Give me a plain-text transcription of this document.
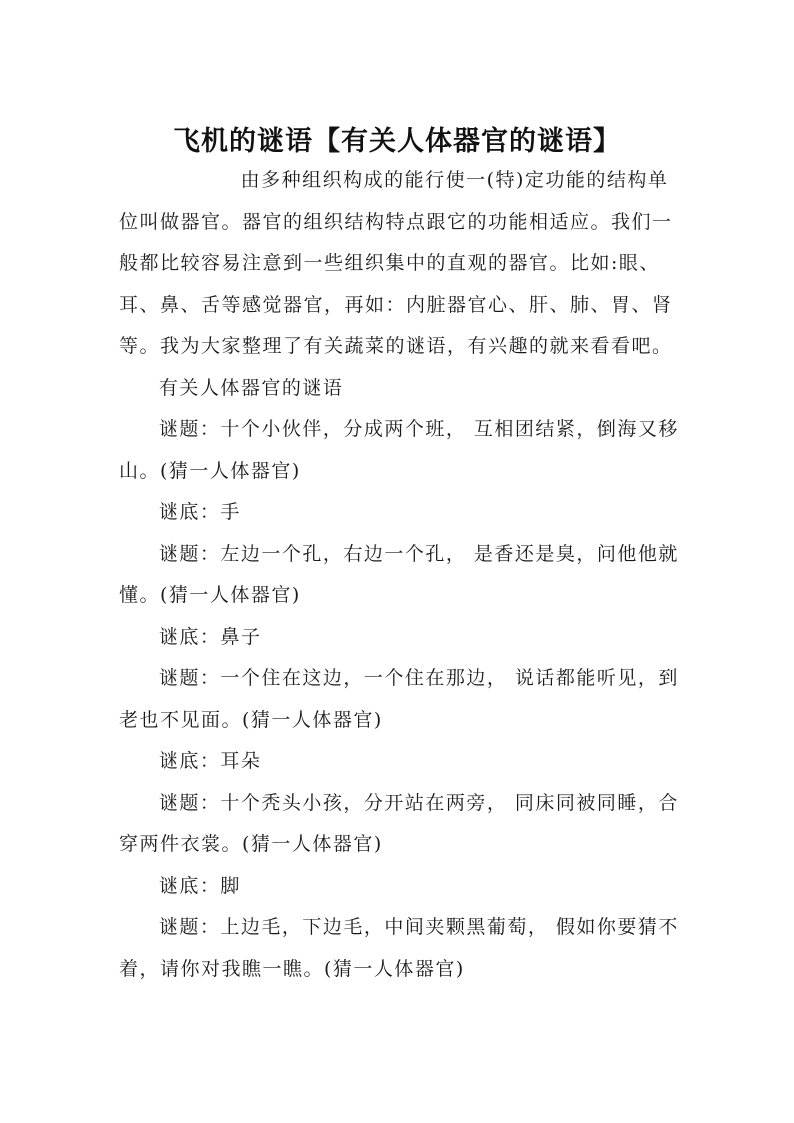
飞机的谜语【有关人体器官的谜语】

由多种组织构成的能行使一(特)定功能的结构单位叫做器官。器官的组织结构特点跟它的功能相适应。我们一般都比较容易注意到一些组织集中的直观的器官。比如:眼、耳、鼻、舌等感觉器官，再如：内脏器官心、肝、肺、胃、肾等。我为大家整理了有关蔬菜的谜语，有兴趣的就来看看吧。

有关人体器官的谜语

谜题：十个小伙伴，分成两个班， 互相团结紧，倒海又移山。(猜一人体器官)

谜底：手

谜题：左边一个孔，右边一个孔， 是香还是臭，问他他就懂。(猜一人体器官)

谜底：鼻子

谜题：一个住在这边，一个住在那边， 说话都能听见，到老也不见面。(猜一人体器官)

谜底：耳朵

谜题：十个秃头小孩，分开站在两旁， 同床同被同睡，合穿两件衣裳。(猜一人体器官)

谜底：脚

谜题：上边毛，下边毛，中间夹颗黑葡萄， 假如你要猜不着，请你对我瞧一瞧。(猜一人体器官)
